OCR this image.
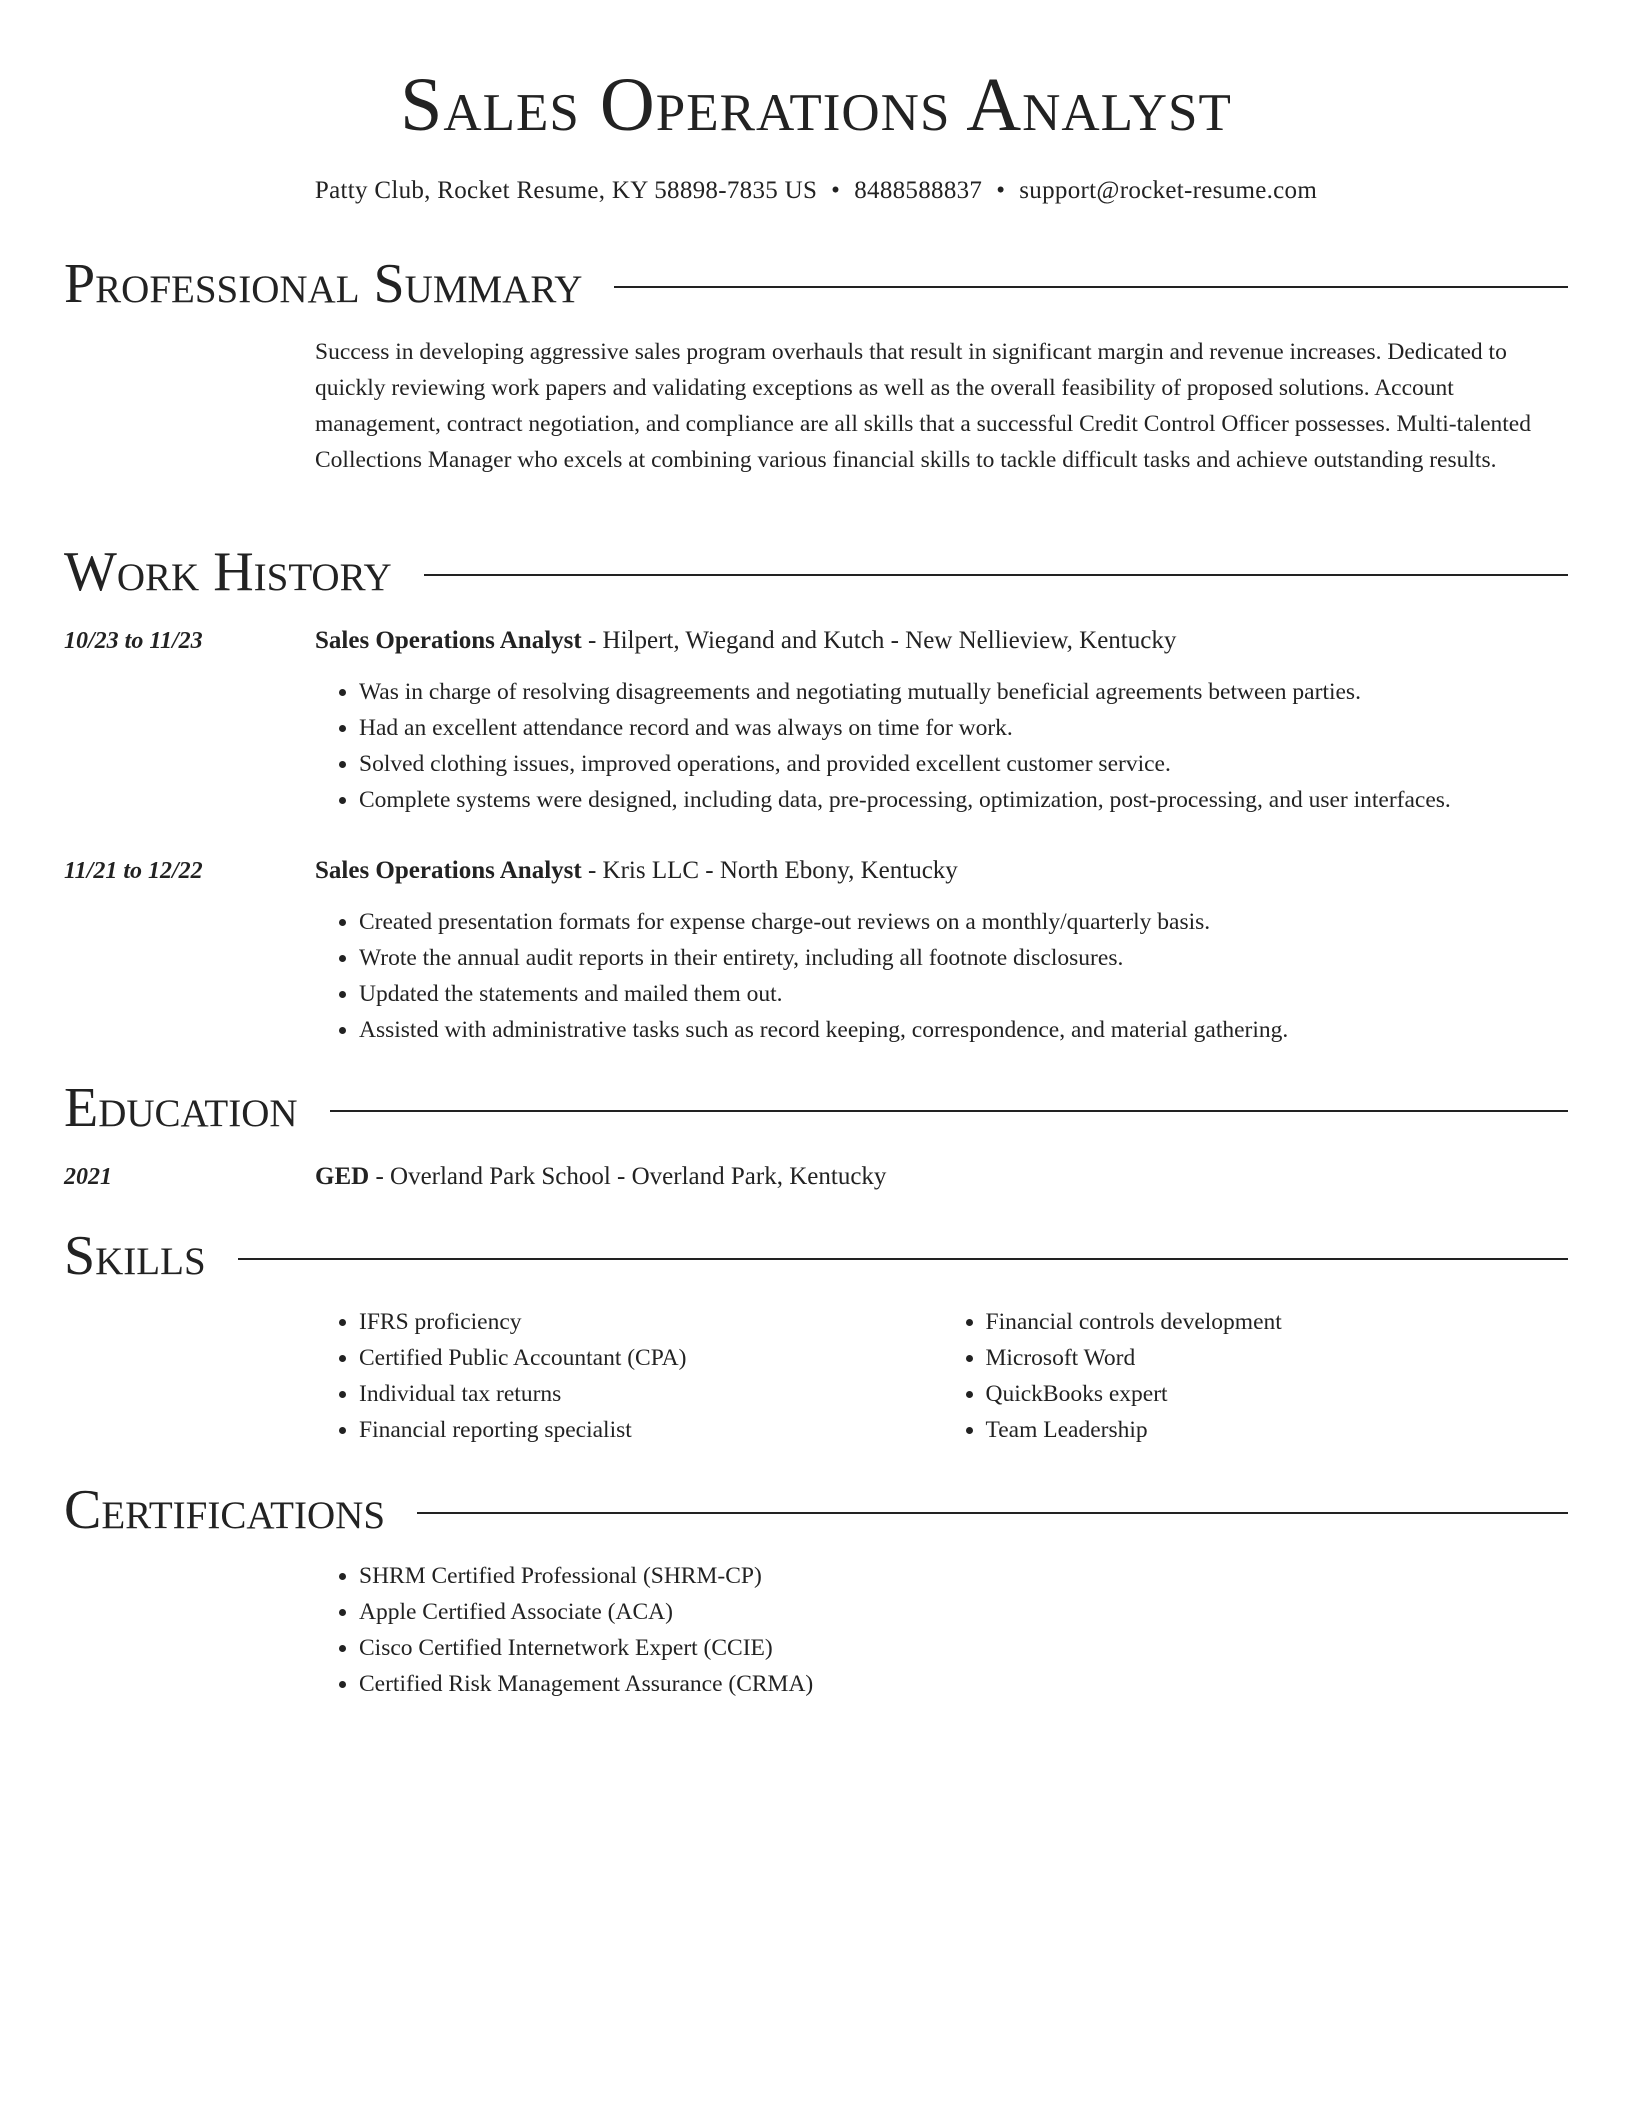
Sales Operations Analyst
Patty Club, Rocket Resume, KY 58898-7835 US • 8488588837 • support@rocket-resume.com
Professional Summary

Success in developing aggressive sales program overhauls that result in significant margin and revenue increases. Dedicated to quickly reviewing work papers and validating exceptions as well as the overall feasibility of proposed solutions. Account management, contract negotiation, and compliance are all skills that a successful Credit Control Officer possesses. Multi-talented Collections Manager who excels at combining various financial skills to tackle difficult tasks and achieve outstanding results.

Work History
10/23 to 11/23	Sales Operations Analyst - Hilpert, Wiegand and Kutch - New Nellieview, Kentucky

• Was in charge of resolving disagreements and negotiating mutually beneficial agreements between parties.
• Had an excellent attendance record and was always on time for work.
• Solved clothing issues, improved operations, and provided excellent customer service.
• Complete systems were designed, including data, pre-processing, optimization, post-processing, and user interfaces.
11/21 to 12/22	Sales Operations Analyst - Kris LLC - North Ebony, Kentucky

• Created presentation formats for expense charge-out reviews on a monthly/quarterly basis.
• Wrote the annual audit reports in their entirety, including all footnote disclosures.
• Updated the statements and mailed them out.
• Assisted with administrative tasks such as record keeping, correspondence, and material gathering.
Education
2021	GED - Overland Park School - Overland Park, Kentucky

Skills
• IFRS proficiency
• Certified Public Accountant (CPA)
• Individual tax returns
• Financial reporting specialist
• Financial controls development
• Microsoft Word
• QuickBooks expert
• Team Leadership
Certifications
• SHRM Certified Professional (SHRM-CP)
• Apple Certified Associate (ACA)
• Cisco Certified Internetwork Expert (CCIE)
• Certified Risk Management Assurance (CRMA)
